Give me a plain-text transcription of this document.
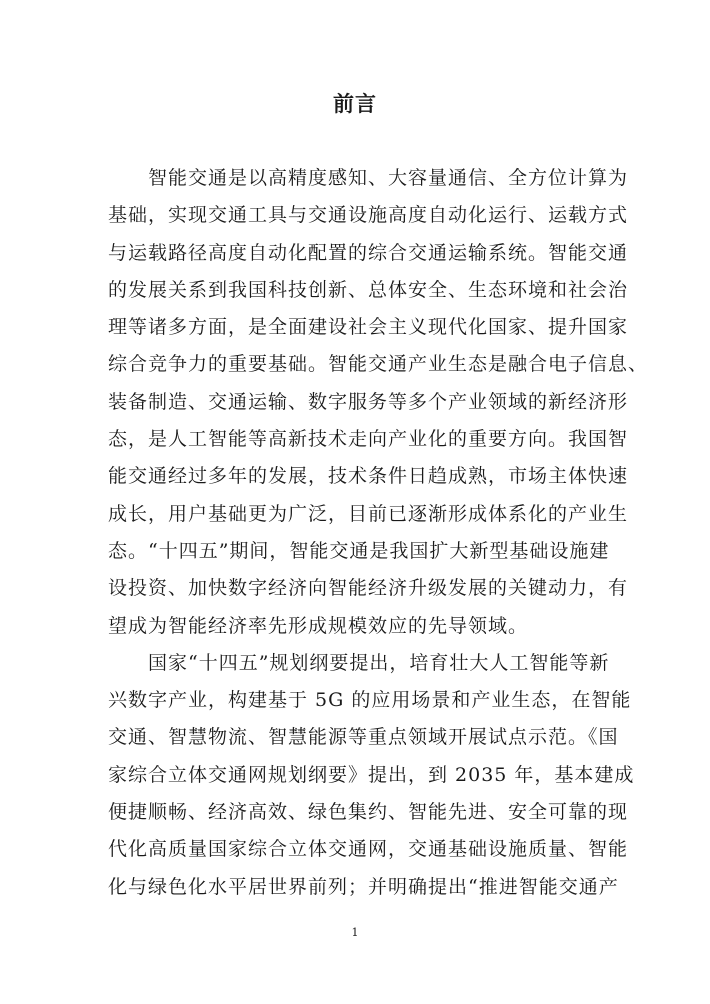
前言
智能交通是以高精度感知、大容量通信、全方位计算为
基础，实现交通工具与交通设施高度自动化运行、运载方式
与运载路径高度自动化配置的综合交通运输系统。智能交通
的发展关系到我国科技创新、总体安全、生态环境和社会治
理等诸多方面，是全面建设社会主义现代化国家、提升国家
综合竞争力的重要基础。智能交通产业生态是融合电子信息、
装备制造、交通运输、数字服务等多个产业领域的新经济形
态，是人工智能等高新技术走向产业化的重要方向。我国智
能交通经过多年的发展，技术条件日趋成熟，市场主体快速
成长，用户基础更为广泛，目前已逐渐形成体系化的产业生
态。“十四五”期间，智能交通是我国扩大新型基础设施建
设投资、加快数字经济向智能经济升级发展的关键动力，有
望成为智能经济率先形成规模效应的先导领域。
国家“十四五”规划纲要提出，培育壮大人工智能等新
兴数字产业，构建基于 5G 的应用场景和产业生态，在智能
交通、智慧物流、智慧能源等重点领域开展试点示范。《国
家综合立体交通网规划纲要》提出，到 2035 年，基本建成
便捷顺畅、经济高效、绿色集约、智能先进、安全可靠的现
代化高质量国家综合立体交通网，交通基础设施质量、智能
化与绿色化水平居世界前列；并明确提出“推进智能交通产
1
